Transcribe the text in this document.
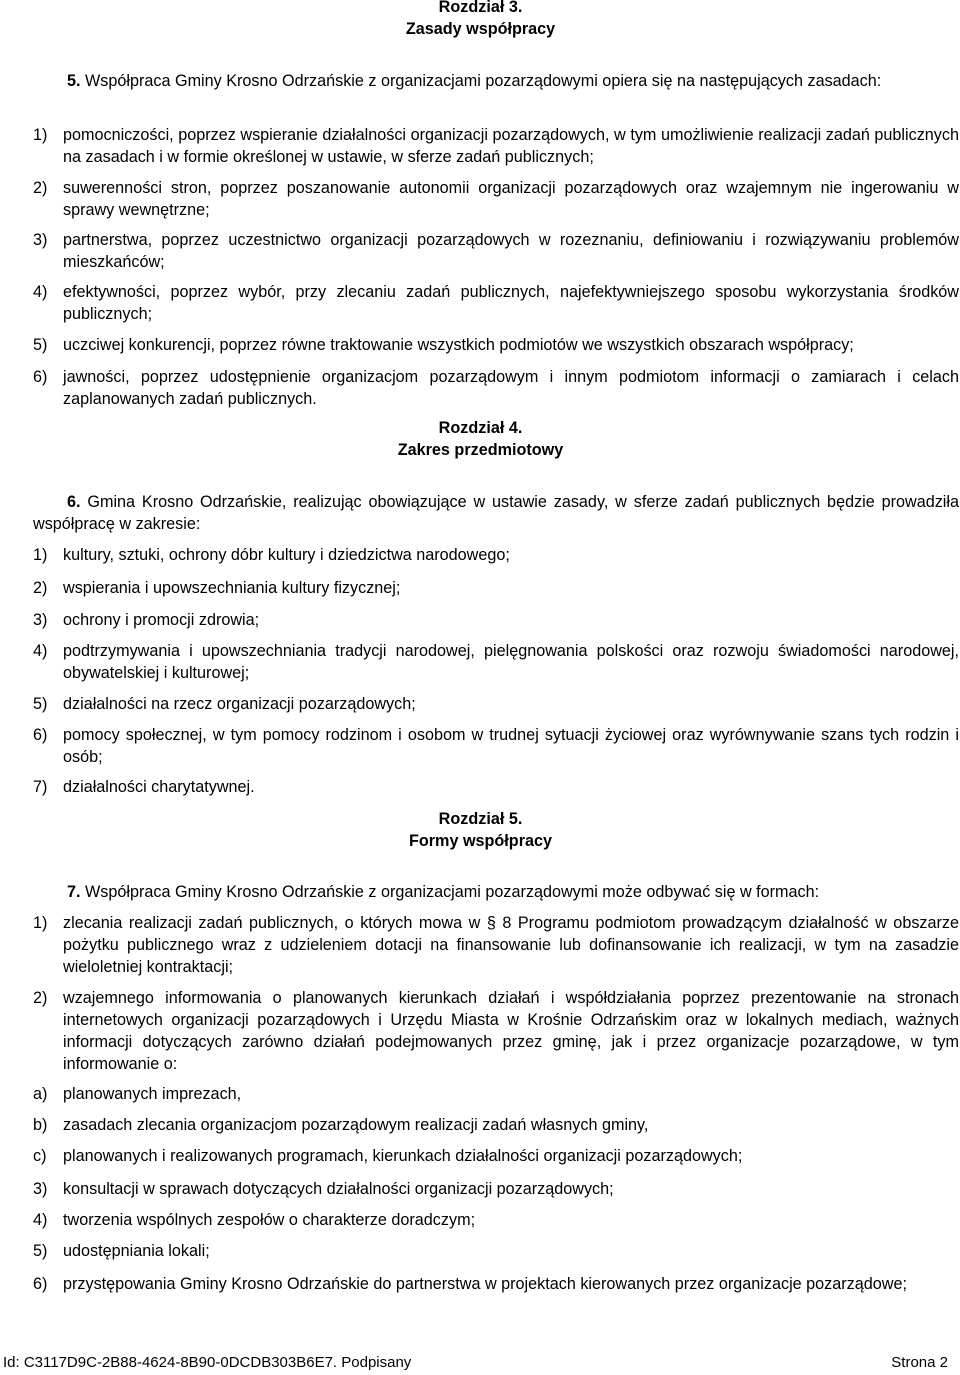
Rozdział 3.
Zasady współpracy
5. Współpraca Gminy Krosno Odrzańskie z organizacjami pozarządowymi opiera się na następujących zasadach:
1) pomocniczości, poprzez wspieranie działalności organizacji pozarządowych, w tym umożliwienie realizacji zadań publicznych na zasadach i w formie określonej w ustawie, w sferze zadań publicznych;
2) suwerenności stron, poprzez poszanowanie autonomii organizacji pozarządowych oraz wzajemnym nie ingerowaniu w sprawy wewnętrzne;
3) partnerstwa, poprzez uczestnictwo organizacji pozarządowych w rozeznaniu, definiowaniu i rozwiązywaniu problemów mieszkańców;
4) efektywności, poprzez wybór, przy zlecaniu zadań publicznych, najefektywniejszego sposobu wykorzystania środków publicznych;
5) uczciwej konkurencji, poprzez równe traktowanie wszystkich podmiotów we wszystkich obszarach współpracy;
6) jawności, poprzez udostępnienie organizacjom pozarządowym i innym podmiotom informacji o zamiarach i celach zaplanowanych zadań publicznych.
Rozdział 4.
Zakres przedmiotowy
6. Gmina Krosno Odrzańskie, realizując obowiązujące w ustawie zasady, w sferze zadań publicznych będzie prowadziła współpracę w zakresie:
1) kultury, sztuki, ochrony dóbr kultury i dziedzictwa narodowego;
2) wspierania i upowszechniania kultury fizycznej;
3) ochrony i promocji zdrowia;
4) podtrzymywania i upowszechniania tradycji narodowej, pielęgnowania polskości oraz rozwoju świadomości narodowej, obywatelskiej i kulturowej;
5) działalności na rzecz organizacji pozarządowych;
6) pomocy społecznej, w tym pomocy rodzinom i osobom w trudnej sytuacji życiowej oraz wyrównywanie szans tych rodzin i osób;
7) działalności charytatywnej.
Rozdział 5.
Formy współpracy
7. Współpraca Gminy Krosno Odrzańskie z organizacjami pozarządowymi może odbywać się w formach:
1) zlecania realizacji zadań publicznych, o których mowa w § 8 Programu podmiotom prowadzącym działalność w obszarze pożytku publicznego wraz z udzieleniem dotacji na finansowanie lub dofinansowanie ich realizacji, w tym na zasadzie wieloletniej kontraktacji;
2) wzajemnego informowania o planowanych kierunkach działań i współdziałania poprzez prezentowanie na stronach internetowych organizacji pozarządowych i Urzędu Miasta w Krośnie Odrzańskim oraz w lokalnych mediach, ważnych informacji dotyczących zarówno działań podejmowanych przez gminę, jak i przez organizacje pozarządowe, w tym informowanie o:
a) planowanych imprezach,
b) zasadach zlecania organizacjom pozarządowym realizacji zadań własnych gminy,
c)	planowanych i realizowanych programach, kierunkach działalności organizacji pozarządowych;
3) konsultacji w sprawach dotyczących działalności organizacji pozarządowych;
4) tworzenia wspólnych zespołów o charakterze doradczym;
5) udostępniania lokali;
6) przystępowania Gminy Krosno Odrzańskie do partnerstwa w projektach kierowanych przez organizacje pozarządowe;
Id: C3117D9C-2B88-4624-8B90-0DCDB303B6E7. Podpisany	Strona 2
